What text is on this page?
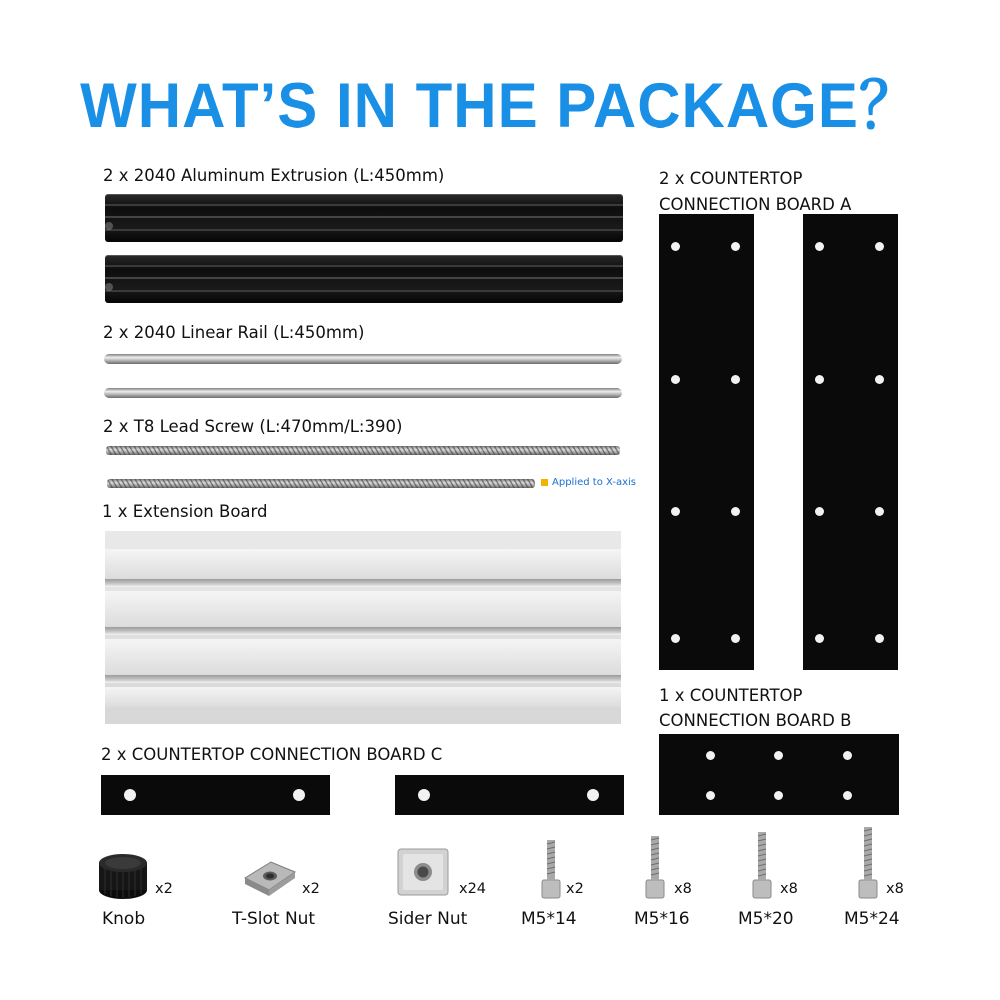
WHAT’S IN THE PACKAGE？
2 x 2040 Aluminum Extrusion (L:450mm)
2 x 2040 Linear Rail (L:450mm)
2 x T8 Lead Screw (L:470mm/L:390)
Applied to X-axis
1 x Extension Board
2 x COUNTERTOP
CONNECTION BOARD A
1 x COUNTERTOP
CONNECTION BOARD B
2 x COUNTERTOP CONNECTION BOARD C
x2
Knob
x2
T-Slot Nut
x24
Sider Nut
x2
M5*14
x8
M5*16
x8
M5*20
x8
M5*24
